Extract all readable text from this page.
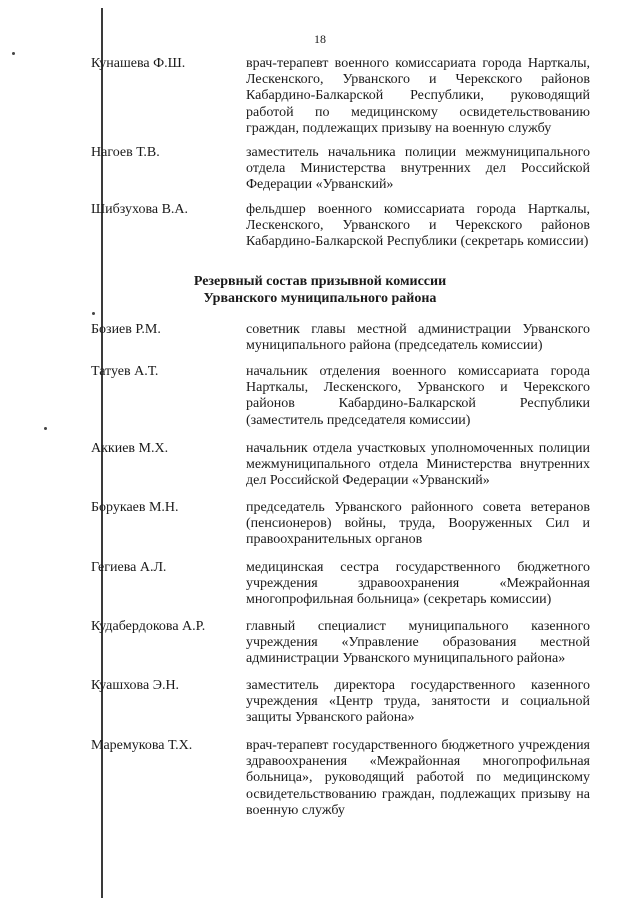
18
Кунашева Ф.Ш.	врач-терапевт военного комиссариата города Нарткалы, Лескенского, Урванского и Черекского районов Кабардино-Балкарской Республики, руководящий работой по медицинскому освидетельствованию граждан, подлежащих призыву на военную службу
Нагоев Т.В.	заместитель начальника полиции межмуниципального отдела Министерства внутренних дел Российской Федерации «Урванский»
Шибзухова В.А.	фельдшер военного комиссариата города Нарткалы, Лескенского, Урванского и Черекского районов Кабардино-Балкарской Республики (секретарь комиссии)
Резервный состав призывной комиссии
Урванского муниципального района
Бозиев Р.М.	советник главы местной администрации Урванского муниципального района (председатель комиссии)
Татуев А.Т.	начальник отделения военного комиссариата города Нарткалы, Лескенского, Урванского и Черекского районов Кабардино-Балкарской Республики (заместитель председателя комиссии)
Аккиев М.Х.	начальник отдела участковых уполномоченных полиции межмуниципального отдела Министерства внутренних дел Российской Федерации «Урванский»
Борукаев М.Н.	председатель Урванского районного совета ветеранов (пенсионеров) войны, труда, Вооруженных Сил и правоохранительных органов
Гегиева А.Л.	медицинская сестра государственного бюджетного учреждения здравоохранения «Межрайонная многопрофильная больница» (секретарь комиссии)
Кудабердокова А.Р.	главный специалист муниципального казенного учреждения «Управление образования местной администрации Урванского муниципального района»
Куашхова Э.Н.	заместитель директора государственного казенного учреждения «Центр труда, занятости и социальной защиты Урванского района»
Маремукова Т.Х.	врач-терапевт государственного бюджетного учреждения здравоохранения «Межрайонная многопрофильная больница», руководящий работой по медицинскому освидетельствованию граждан, подлежащих призыву на военную службу
